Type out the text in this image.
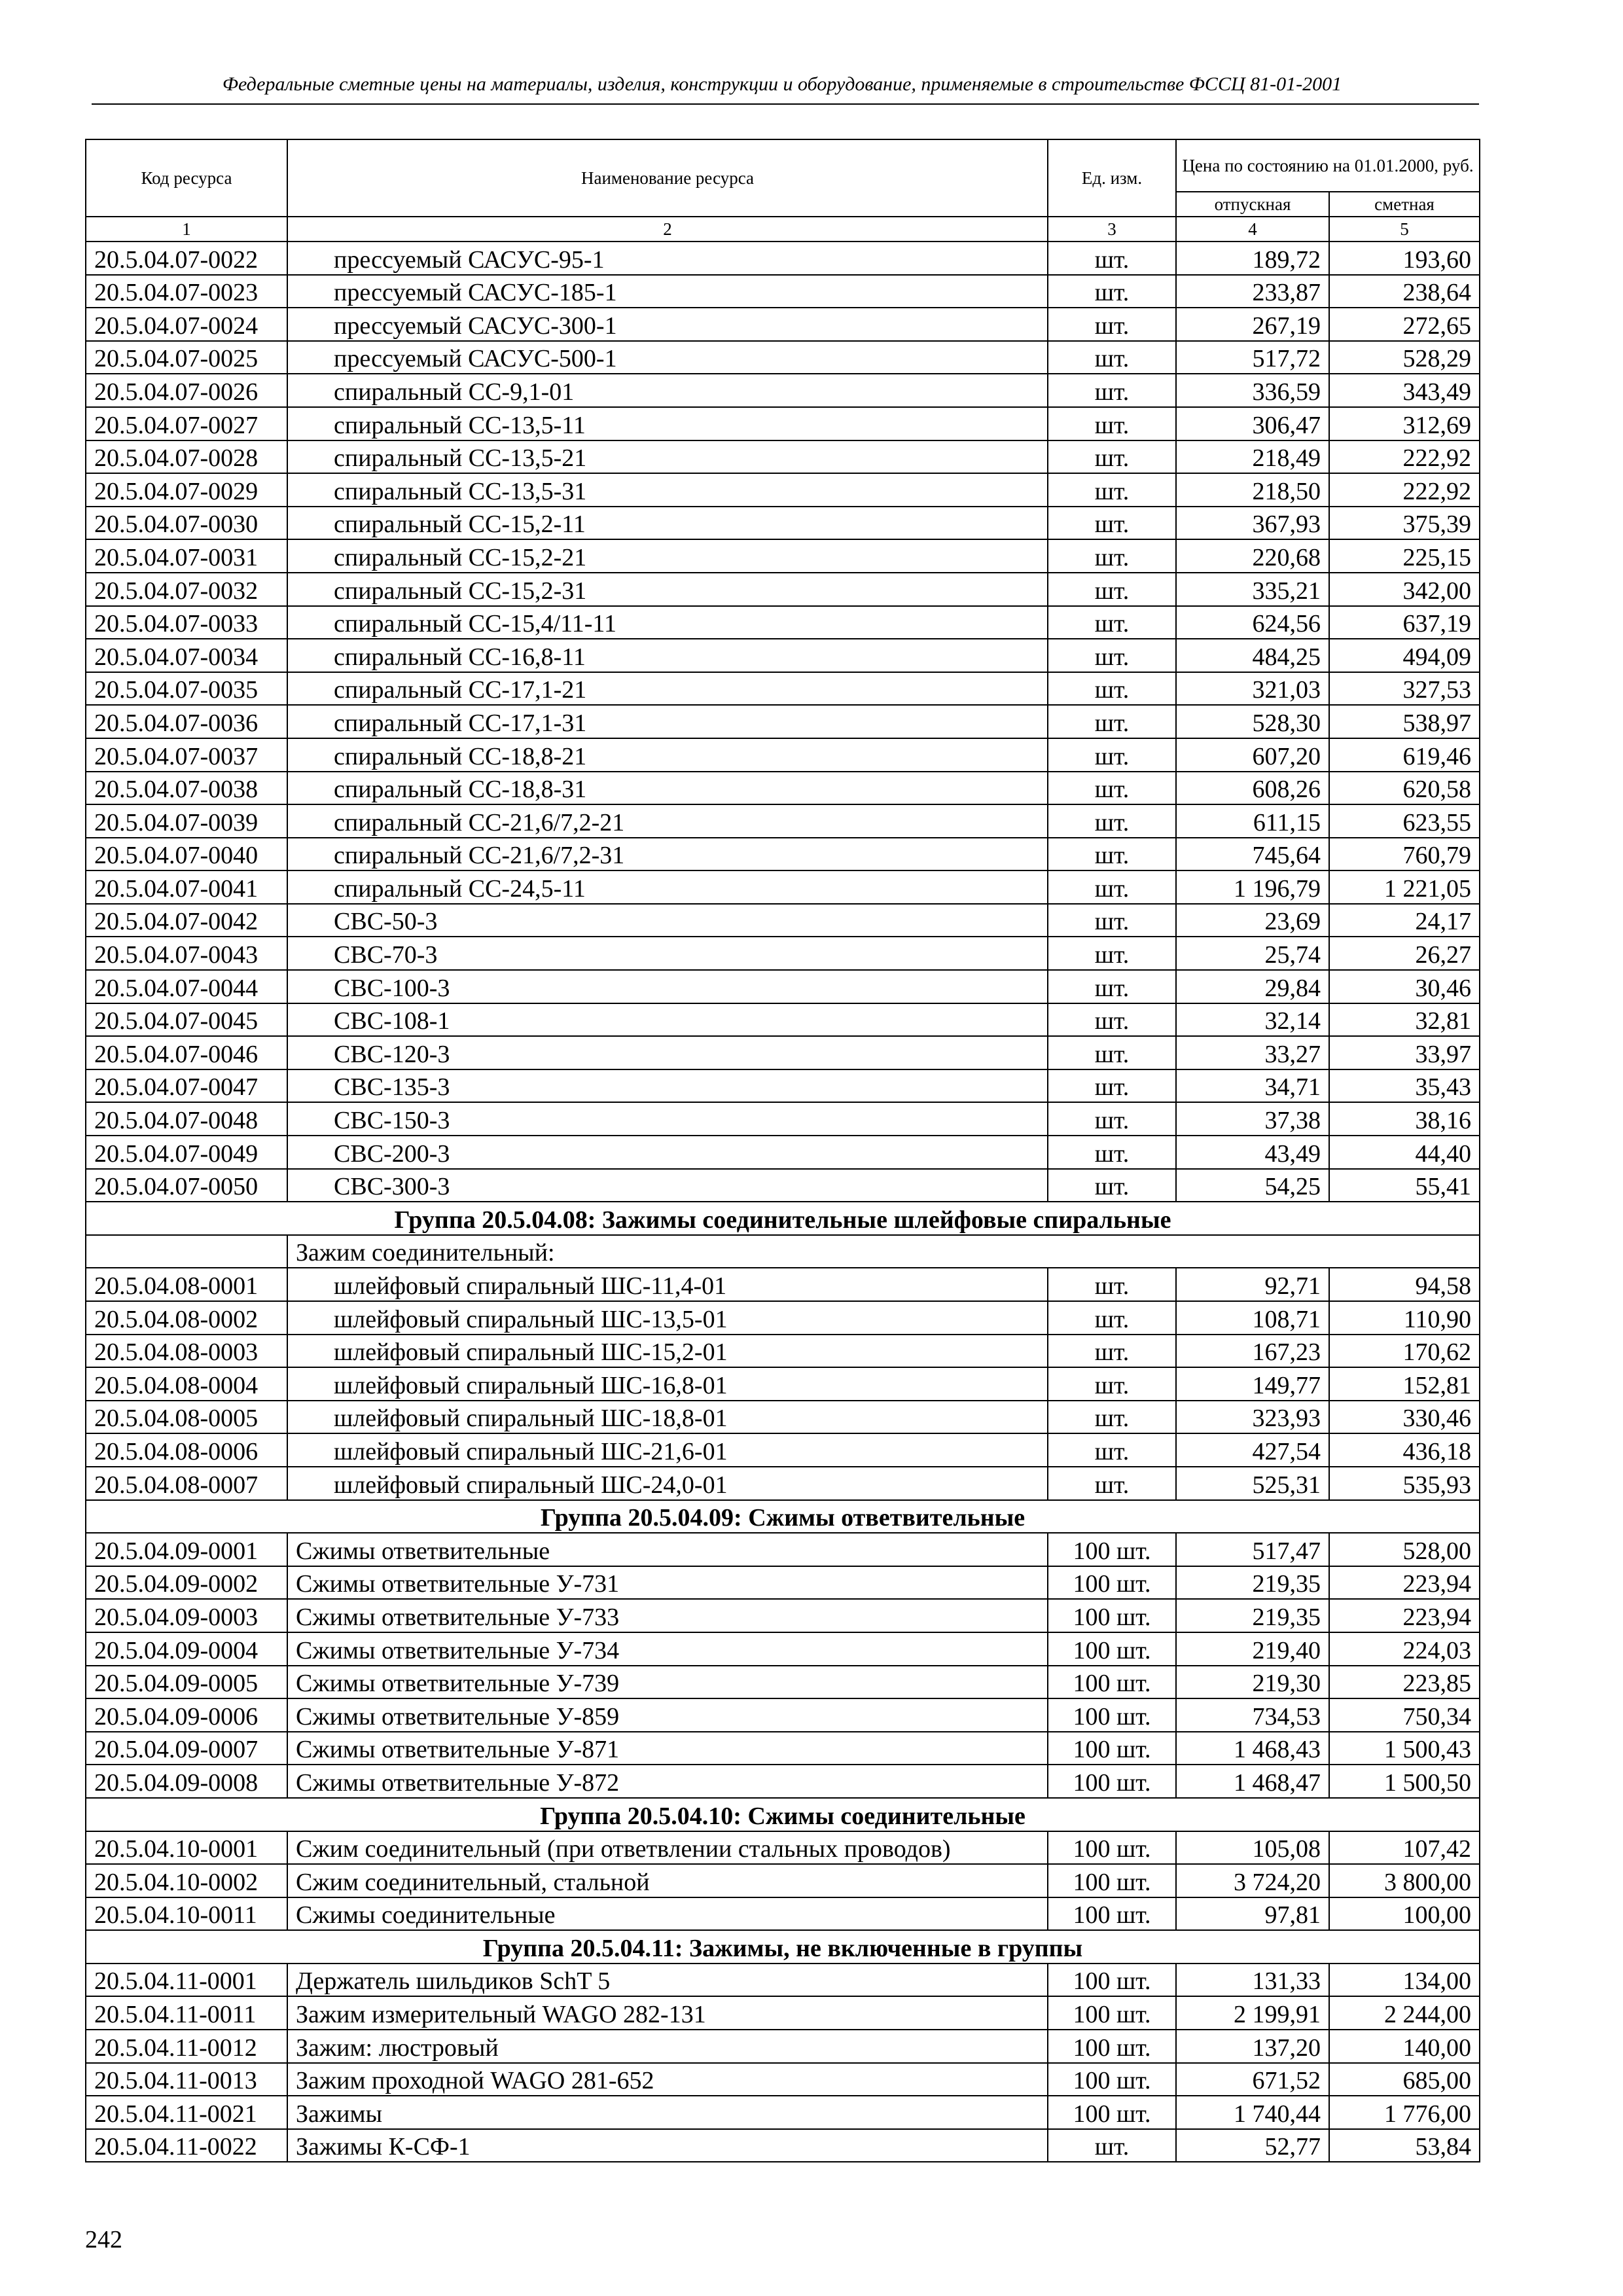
Федеральные сметные цены на материалы, изделия, конструкции и оборудование, применяемые в строительстве ФССЦ 81-01-2001
Код ресурса	Наименование ресурса	Ед. изм.	Цена по состоянию на 01.01.2000, руб.	
			отпускная	сметная
1	2	3	4	5
20.5.04.07-0022	прессуемый САСУС-95-1	шт.	189,72	193,60
20.5.04.07-0023	прессуемый САСУС-185-1	шт.	233,87	238,64
20.5.04.07-0024	прессуемый САСУС-300-1	шт.	267,19	272,65
20.5.04.07-0025	прессуемый САСУС-500-1	шт.	517,72	528,29
20.5.04.07-0026	спиральный СС-9,1-01	шт.	336,59	343,49
20.5.04.07-0027	спиральный СС-13,5-11	шт.	306,47	312,69
20.5.04.07-0028	спиральный СС-13,5-21	шт.	218,49	222,92
20.5.04.07-0029	спиральный СС-13,5-31	шт.	218,50	222,92
20.5.04.07-0030	спиральный СС-15,2-11	шт.	367,93	375,39
20.5.04.07-0031	спиральный СС-15,2-21	шт.	220,68	225,15
20.5.04.07-0032	спиральный СС-15,2-31	шт.	335,21	342,00
20.5.04.07-0033	спиральный СС-15,4/11-11	шт.	624,56	637,19
20.5.04.07-0034	спиральный СС-16,8-11	шт.	484,25	494,09
20.5.04.07-0035	спиральный СС-17,1-21	шт.	321,03	327,53
20.5.04.07-0036	спиральный СС-17,1-31	шт.	528,30	538,97
20.5.04.07-0037	спиральный СС-18,8-21	шт.	607,20	619,46
20.5.04.07-0038	спиральный СС-18,8-31	шт.	608,26	620,58
20.5.04.07-0039	спиральный СС-21,6/7,2-21	шт.	611,15	623,55
20.5.04.07-0040	спиральный СС-21,6/7,2-31	шт.	745,64	760,79
20.5.04.07-0041	спиральный СС-24,5-11	шт.	1 196,79	1 221,05
20.5.04.07-0042	СВС-50-3	шт.	23,69	24,17
20.5.04.07-0043	СВС-70-3	шт.	25,74	26,27
20.5.04.07-0044	СВС-100-3	шт.	29,84	30,46
20.5.04.07-0045	СВС-108-1	шт.	32,14	32,81
20.5.04.07-0046	СВС-120-3	шт.	33,27	33,97
20.5.04.07-0047	СВС-135-3	шт.	34,71	35,43
20.5.04.07-0048	СВС-150-3	шт.	37,38	38,16
20.5.04.07-0049	СВС-200-3	шт.	43,49	44,40
20.5.04.07-0050	СВС-300-3	шт.	54,25	55,41
Группа 20.5.04.08: Зажимы соединительные шлейфовые спиральные				
	Зажим соединительный:			
20.5.04.08-0001	шлейфовый спиральный ШС-11,4-01	шт.	92,71	94,58
20.5.04.08-0002	шлейфовый спиральный ШС-13,5-01	шт.	108,71	110,90
20.5.04.08-0003	шлейфовый спиральный ШС-15,2-01	шт.	167,23	170,62
20.5.04.08-0004	шлейфовый спиральный ШС-16,8-01	шт.	149,77	152,81
20.5.04.08-0005	шлейфовый спиральный ШС-18,8-01	шт.	323,93	330,46
20.5.04.08-0006	шлейфовый спиральный ШС-21,6-01	шт.	427,54	436,18
20.5.04.08-0007	шлейфовый спиральный ШС-24,0-01	шт.	525,31	535,93
Группа 20.5.04.09: Сжимы ответвительные				
20.5.04.09-0001	Сжимы ответвительные	100 шт.	517,47	528,00
20.5.04.09-0002	Сжимы ответвительные У-731	100 шт.	219,35	223,94
20.5.04.09-0003	Сжимы ответвительные У-733	100 шт.	219,35	223,94
20.5.04.09-0004	Сжимы ответвительные У-734	100 шт.	219,40	224,03
20.5.04.09-0005	Сжимы ответвительные У-739	100 шт.	219,30	223,85
20.5.04.09-0006	Сжимы ответвительные У-859	100 шт.	734,53	750,34
20.5.04.09-0007	Сжимы ответвительные У-871	100 шт.	1 468,43	1 500,43
20.5.04.09-0008	Сжимы ответвительные У-872	100 шт.	1 468,47	1 500,50
Группа 20.5.04.10: Сжимы соединительные				
20.5.04.10-0001	Сжим соединительный (при ответвлении стальных проводов)	100 шт.	105,08	107,42
20.5.04.10-0002	Сжим соединительный, стальной	100 шт.	3 724,20	3 800,00
20.5.04.10-0011	Сжимы соединительные	100 шт.	97,81	100,00
Группа 20.5.04.11: Зажимы, не включенные в группы				
20.5.04.11-0001	Держатель шильдиков SchT 5	100 шт.	131,33	134,00
20.5.04.11-0011	Зажим измерительный WAGO 282-131	100 шт.	2 199,91	2 244,00
20.5.04.11-0012	Зажим: люстровый	100 шт.	137,20	140,00
20.5.04.11-0013	Зажим проходной WAGO 281-652	100 шт.	671,52	685,00
20.5.04.11-0021	Зажимы	100 шт.	1 740,44	1 776,00
20.5.04.11-0022	Зажимы К-СФ-1	шт.	52,77	53,84
242
